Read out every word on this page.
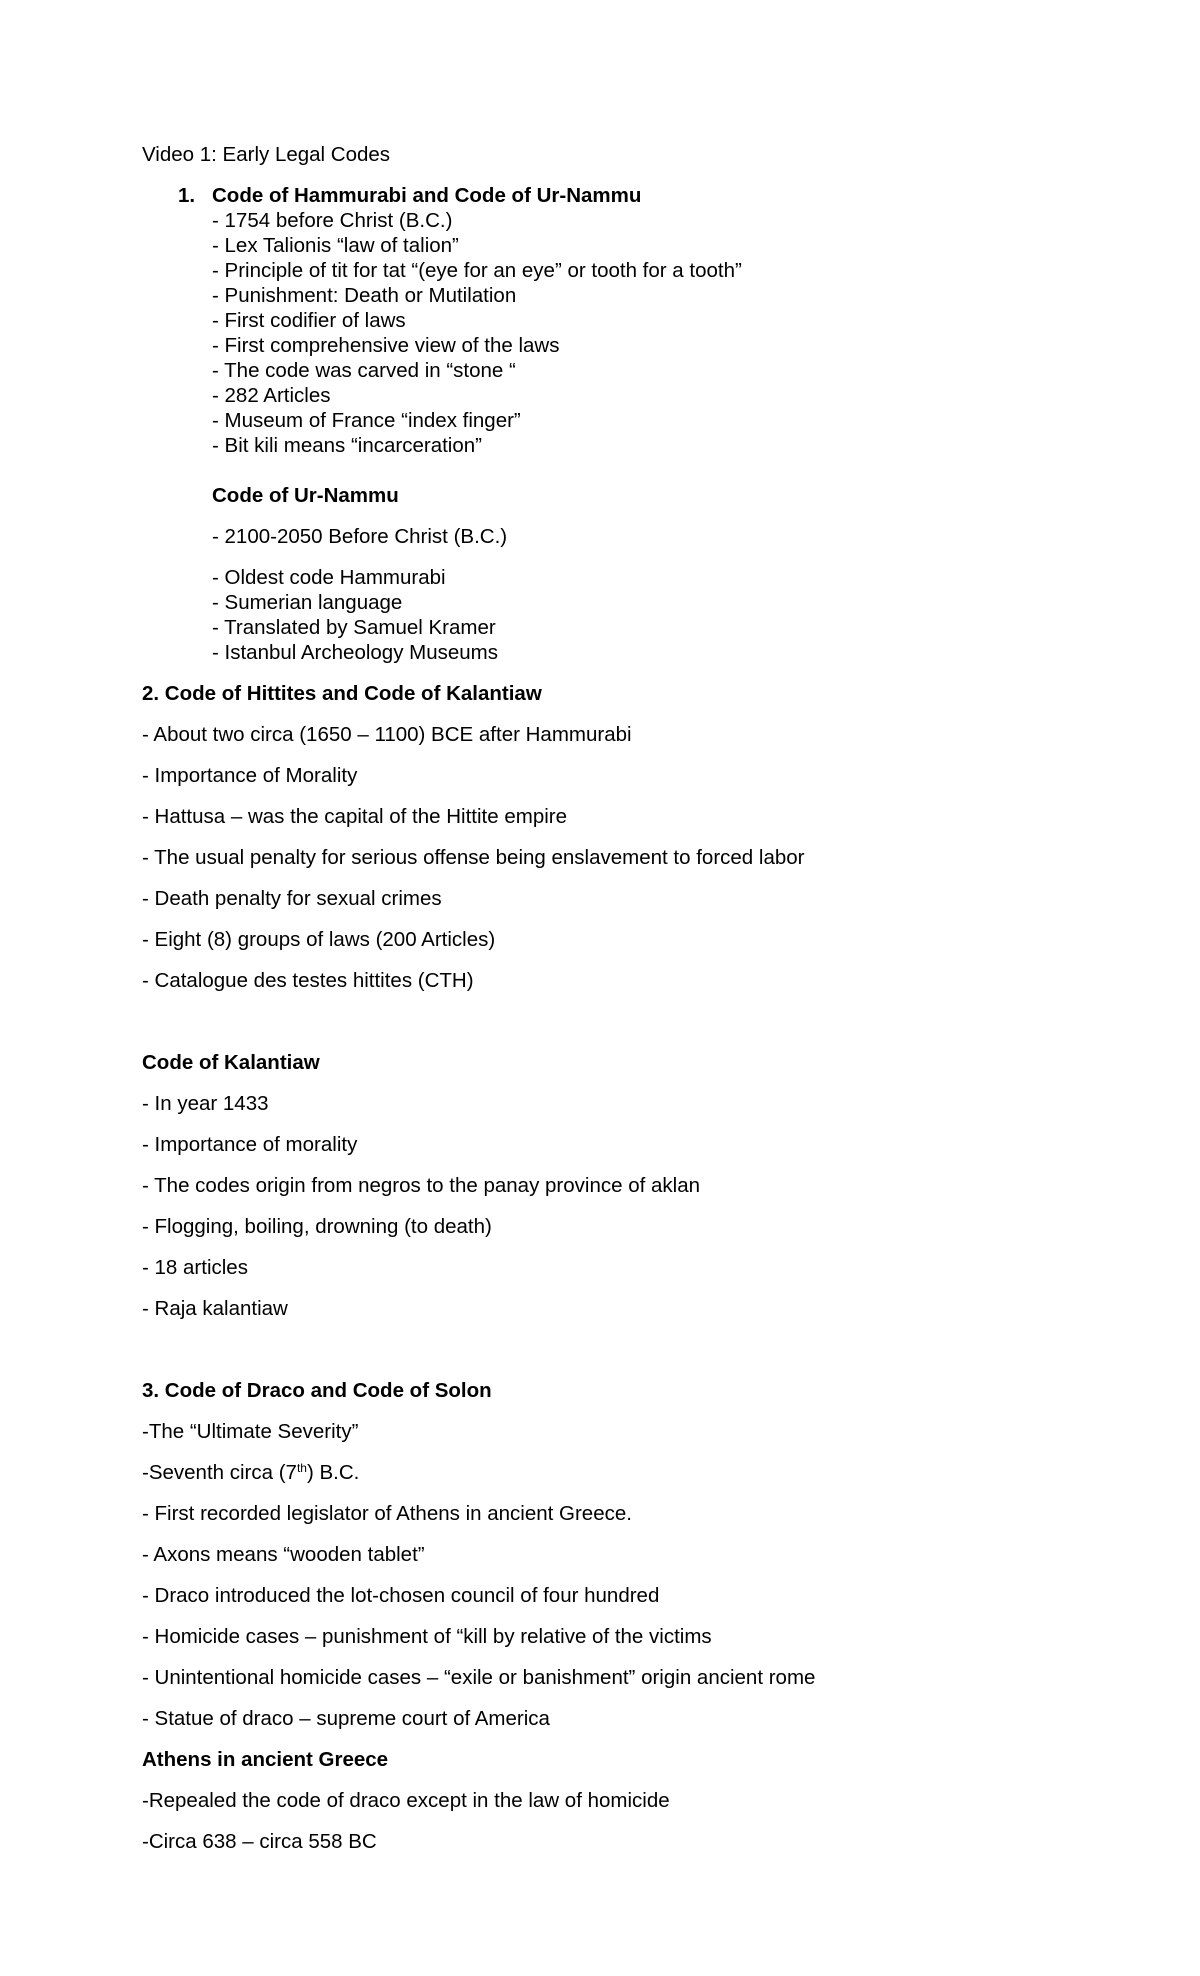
Video 1: Early Legal Codes
1. Code of Hammurabi and Code of Ur-Nammu
- 1754 before Christ (B.C.)
- Lex Talionis “law of talion”
- Principle of tit for tat “(eye for an eye” or tooth for a tooth”
- Punishment: Death or Mutilation
- First codifier of laws
- First comprehensive view of the laws
- The code was carved in “stone “
- 282 Articles
- Museum of France “index finger”
- Bit kili means “incarceration”
Code of Ur-Nammu
- 2100-2050 Before Christ (B.C.)
- Oldest code Hammurabi
- Sumerian language
- Translated by Samuel Kramer
- Istanbul Archeology Museums
2. Code of Hittites and Code of Kalantiaw
- About two circa (1650 – 1100) BCE after Hammurabi
- Importance of Morality
- Hattusa – was the capital of the Hittite empire
- The usual penalty for serious offense being enslavement to forced labor
- Death penalty for sexual crimes
- Eight (8) groups of laws (200 Articles)
- Catalogue des testes hittites (CTH)
Code of Kalantiaw
- In year 1433
- Importance of morality
- The codes origin from negros to the panay province of aklan
- Flogging, boiling, drowning (to death)
- 18 articles
- Raja kalantiaw
3. Code of Draco and Code of Solon
-The “Ultimate Severity”
-Seventh circa (7th) B.C.
- First recorded legislator of Athens in ancient Greece.
- Axons means “wooden tablet”
- Draco introduced the lot-chosen council of four hundred
- Homicide cases – punishment of “kill by relative of the victims
- Unintentional homicide cases – “exile or banishment” origin ancient rome
- Statue of draco – supreme court of America
Athens in ancient Greece
-Repealed the code of draco except in the law of homicide
-Circa 638 – circa 558 BC
